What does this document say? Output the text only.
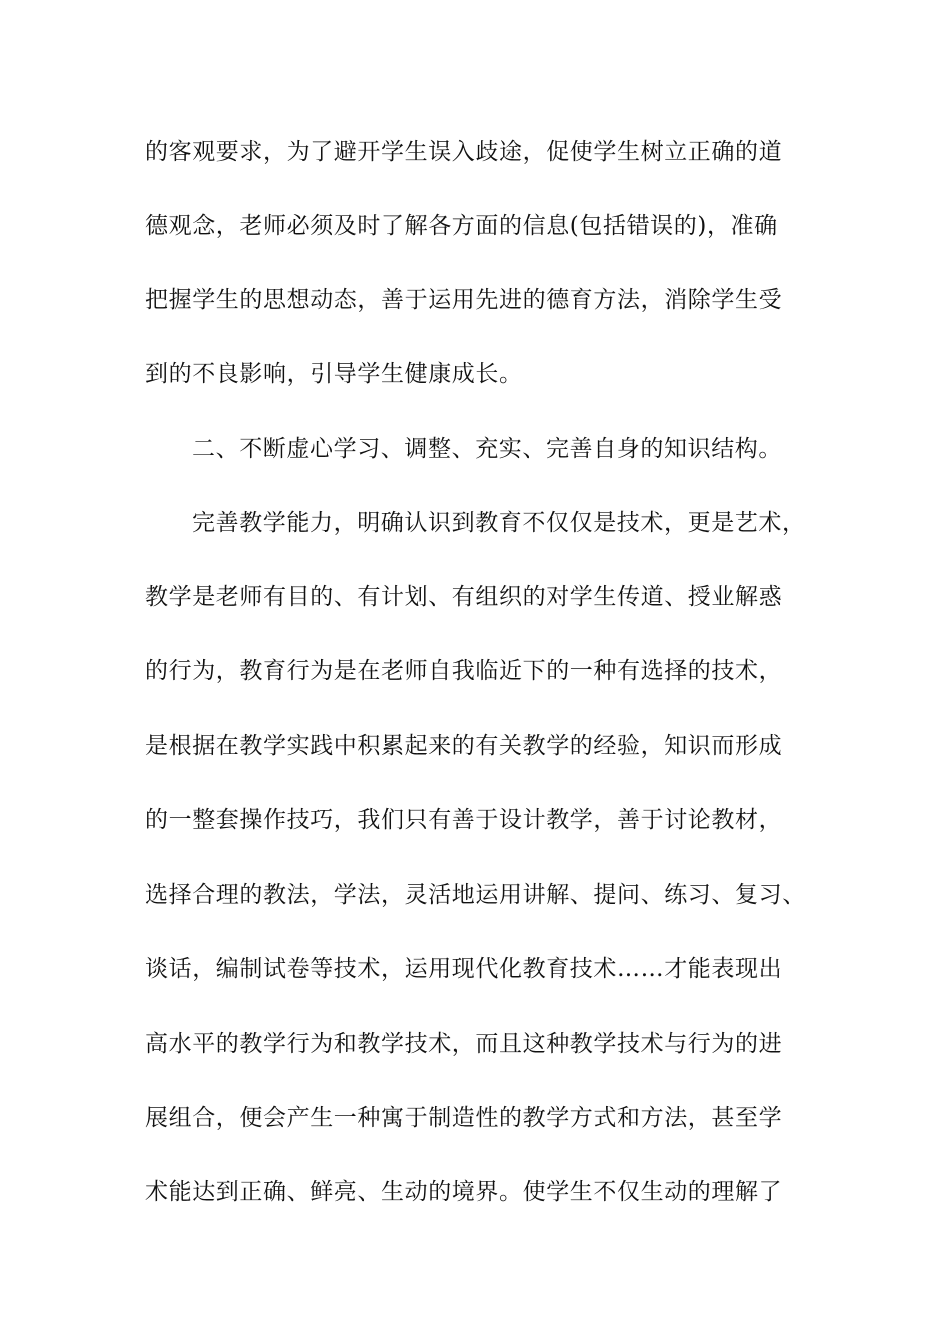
的客观要求，为了避开学生误入歧途，促使学生树立正确的道
德观念，老师必须及时了解各方面的信息(包括错误的)，准确
把握学生的思想动态，善于运用先进的德育方法，消除学生受
到的不良影响，引导学生健康成长。
二、不断虚心学习、调整、充实、完善自身的知识结构。
完善教学能力，明确认识到教育不仅仅是技术，更是艺术，
教学是老师有目的、有计划、有组织的对学生传道、授业解惑
的行为，教育行为是在老师自我临近下的一种有选择的技术，
是根据在教学实践中积累起来的有关教学的经验，知识而形成
的一整套操作技巧，我们只有善于设计教学，善于讨论教材，
选择合理的教法，学法，灵活地运用讲解、提问、练习、复习、
谈话，编制试卷等技术，运用现代化教育技术……才能表现出
高水平的教学行为和教学技术，而且这种教学技术与行为的进
展组合，便会产生一种寓于制造性的教学方式和方法，甚至学
术能达到正确、鲜亮、生动的境界。使学生不仅生动的理解了
